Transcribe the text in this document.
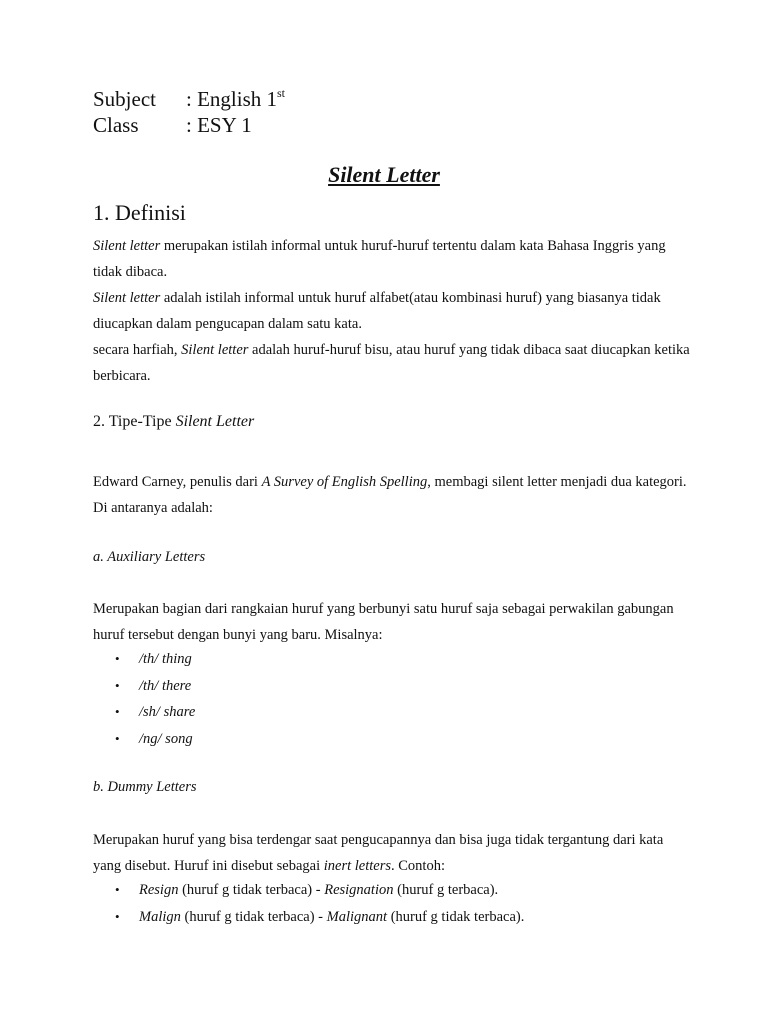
Subject	: English 1st
Class	: ESY 1
Silent Letter
1. Definisi
Silent letter merupakan istilah informal untuk huruf-huruf tertentu dalam kata Bahasa Inggris yang tidak dibaca.
Silent letter adalah istilah informal untuk huruf alfabet(atau kombinasi huruf) yang biasanya tidak diucapkan dalam pengucapan dalam satu kata.
secara harfiah, Silent letter adalah huruf-huruf bisu, atau huruf yang tidak dibaca saat diucapkan ketika berbicara.
2. Tipe-Tipe Silent Letter
Edward Carney, penulis dari A Survey of English Spelling, membagi silent letter menjadi dua kategori. Di antaranya adalah:
a. Auxiliary Letters
Merupakan bagian dari rangkaian huruf yang berbunyi satu huruf saja sebagai perwakilan gabungan huruf tersebut dengan bunyi yang baru. Misalnya:
• /th/ thing
• /th/ there
• /sh/ share
• /ng/ song
b. Dummy Letters
Merupakan huruf yang bisa terdengar saat pengucapannya dan bisa juga tidak tergantung dari kata yang disebut. Huruf ini disebut sebagai inert letters. Contoh:
• Resign (huruf g tidak terbaca) - Resignation (huruf g terbaca).
• Malign (huruf g tidak terbaca) - Malignant (huruf g tidak terbaca).
